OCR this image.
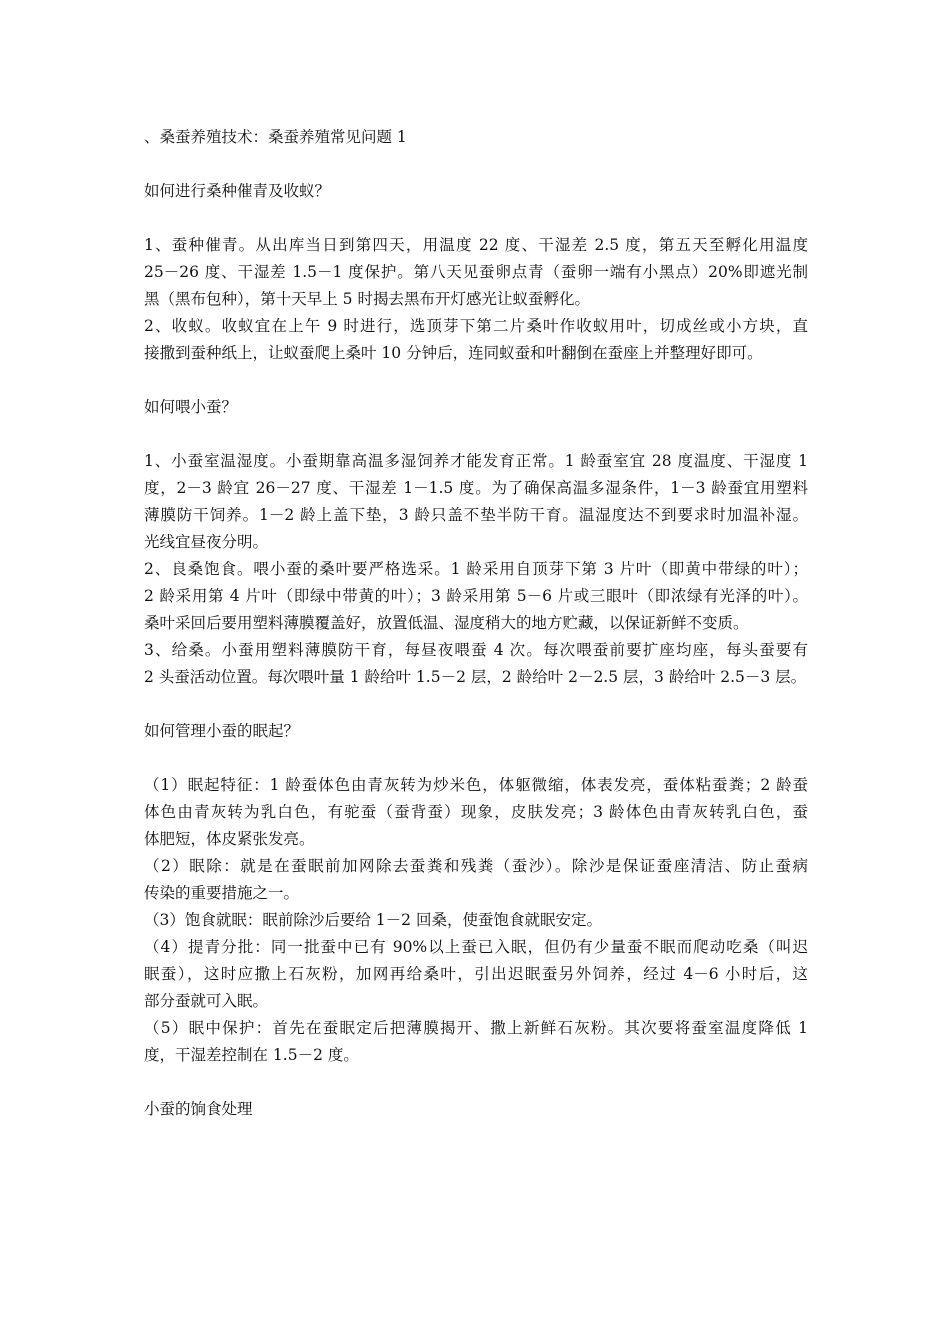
、桑蚕养殖技术：桑蚕养殖常见问题 1
如何进行桑种催青及收蚁？
1、蚕种催青。从出库当日到第四天，用温度 22 度、干湿差 2.5 度，第五天至孵化用温度
25－26 度、干湿差 1.5－1 度保护。第八天见蚕卵点青（蚕卵一端有小黑点）20%即遮光制
黑（黑布包种），第十天早上 5 时揭去黑布开灯感光让蚁蚕孵化。
2、收蚁。收蚁宜在上午 9 时进行，选顶芽下第二片桑叶作收蚁用叶，切成丝或小方块，直
接撒到蚕种纸上，让蚁蚕爬上桑叶 10 分钟后，连同蚁蚕和叶翻倒在蚕座上并整理好即可。
如何喂小蚕？
1、小蚕室温湿度。小蚕期靠高温多湿饲养才能发育正常。1 龄蚕室宜 28 度温度、干湿度 1
度，2－3 龄宜 26－27 度、干湿差 1－1.5 度。为了确保高温多湿条件，1－3 龄蚕宜用塑料
薄膜防干饲养。1－2 龄上盖下垫，3 龄只盖不垫半防干育。温湿度达不到要求时加温补湿。
光线宜昼夜分明。
2、良桑饱食。喂小蚕的桑叶要严格选采。1 龄采用自顶芽下第 3 片叶（即黄中带绿的叶）；
2 龄采用第 4 片叶（即绿中带黄的叶）；3 龄采用第 5－6 片或三眼叶（即浓绿有光泽的叶）。
桑叶采回后要用塑料薄膜覆盖好，放置低温、湿度稍大的地方贮藏，以保证新鲜不变质。
3、给桑。小蚕用塑料薄膜防干育，每昼夜喂蚕 4 次。每次喂蚕前要扩座均座，每头蚕要有
2 头蚕活动位置。每次喂叶量 1 龄给叶 1.5－2 层，2 龄给叶 2－2.5 层，3 龄给叶 2.5－3 层。
如何管理小蚕的眠起？
（1）眠起特征：1 龄蚕体色由青灰转为炒米色，体躯微缩，体表发亮，蚕体粘蚕粪；2 龄蚕
体色由青灰转为乳白色，有驼蚕（蚕背蚕）现象，皮肤发亮；3 龄体色由青灰转乳白色，蚕
体肥短，体皮紧张发亮。
（2）眠除：就是在蚕眠前加网除去蚕粪和残粪（蚕沙）。除沙是保证蚕座清洁、防止蚕病
传染的重要措施之一。
（3）饱食就眠：眠前除沙后要给 1－2 回桑，使蚕饱食就眠安定。
（4）提青分批：同一批蚕中已有 90%以上蚕已入眠，但仍有少量蚕不眠而爬动吃桑（叫迟
眠蚕），这时应撒上石灰粉，加网再给桑叶，引出迟眠蚕另外饲养，经过 4－6 小时后，这
部分蚕就可入眠。
（5）眠中保护：首先在蚕眠定后把薄膜揭开、撒上新鲜石灰粉。其次要将蚕室温度降低 1
度，干湿差控制在 1.5－2 度。
小蚕的饷食处理
